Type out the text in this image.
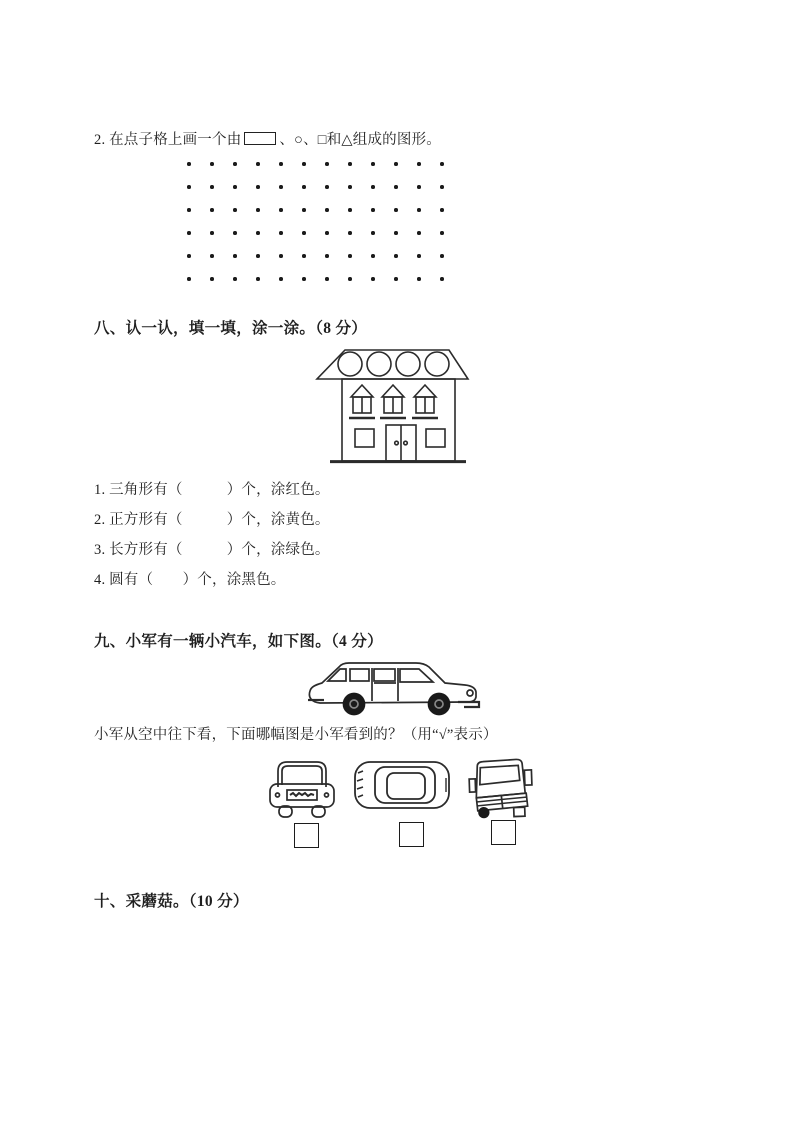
2. 在点子格上画一个由	、○、□和△组成的图形。
八、认一认，填一填，涂一涂。（8 分）
1. 三角形有（　　　）个，涂红色。
2. 正方形有（　　　）个，涂黄色。
3. 长方形有（　　　）个，涂绿色。
4. 圆有（　　）个，涂黑色。
九、小军有一辆小汽车，如下图。（4 分）
小军从空中往下看，下面哪幅图是小军看到的？（用“√”表示）
十、采蘑菇。（10 分）
